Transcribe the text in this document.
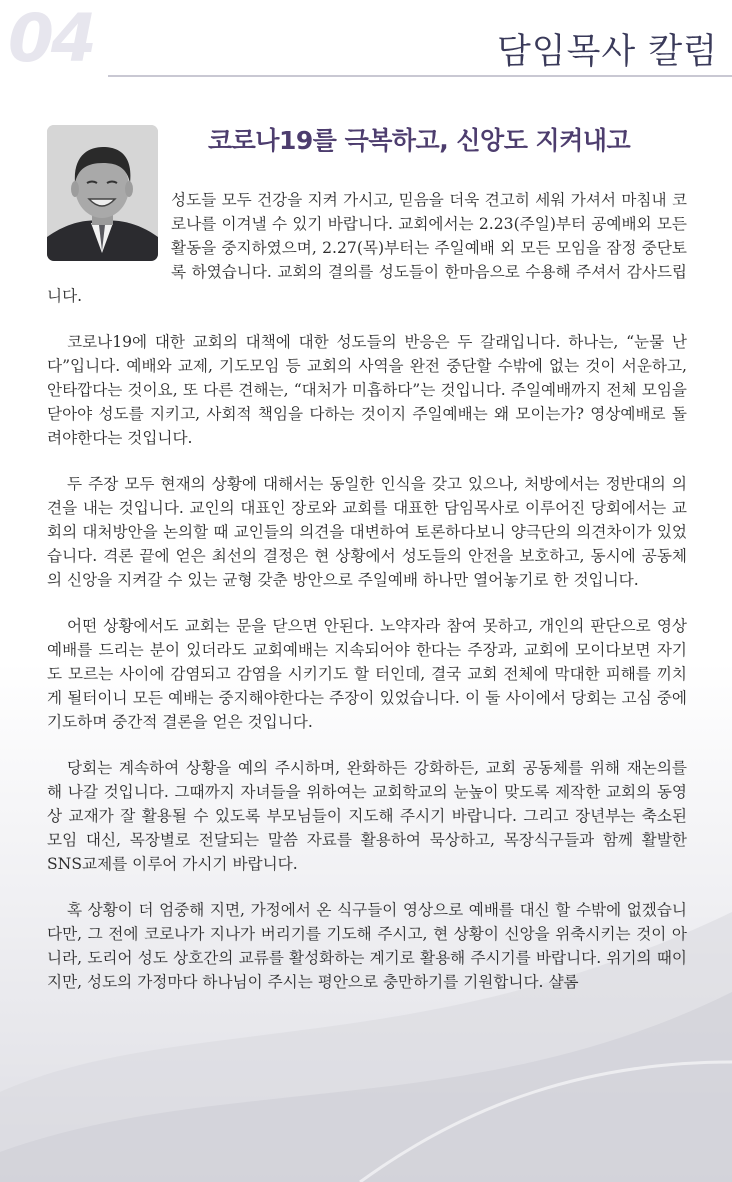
04	담임목사 칼럼
코로나19를 극복하고, 신앙도 지켜내고

성도들 모두 건강을 지켜 가시고, 믿음을 더욱 견고히 세워 가셔서 마침내 코로나를 이겨낼 수 있기 바랍니다. 교회에서는 2.23(주일)부터 공예배외 모든 활동을 중지하였으며, 2.27(목)부터는 주일예배 외 모든 모임을 잠정 중단토록 하였습니다. 교회의 결의를 성도들이 한마음으로 수용해 주셔서 감사드립니다.

코로나19에 대한 교회의 대책에 대한 성도들의 반응은 두 갈래입니다. 하나는, “눈물 난다”입니다. 예배와 교제, 기도모임 등 교회의 사역을 완전 중단할 수밖에 없는 것이 서운하고, 안타깝다는 것이요, 또 다른 견해는, “대처가 미흡하다”는 것입니다. 주일예배까지 전체 모임을 닫아야 성도를 지키고, 사회적 책임을 다하는 것이지 주일예배는 왜 모이는가? 영상예배로 돌려야한다는 것입니다.

두 주장 모두 현재의 상황에 대해서는 동일한 인식을 갖고 있으나, 처방에서는 정반대의 의견을 내는 것입니다. 교인의 대표인 장로와 교회를 대표한 담임목사로 이루어진 당회에서는 교회의 대처방안을 논의할 때 교인들의 의견을 대변하여 토론하다보니 양극단의 의견차이가 있었습니다. 격론 끝에 얻은 최선의 결정은 현 상황에서 성도들의 안전을 보호하고, 동시에 공동체의 신앙을 지켜갈 수 있는 균형 갖춘 방안으로 주일예배 하나만 열어놓기로 한 것입니다.

어떤 상황에서도 교회는 문을 닫으면 안된다. 노약자라 참여 못하고, 개인의 판단으로 영상 예배를 드리는 분이 있더라도 교회예배는 지속되어야 한다는 주장과, 교회에 모이다보면 자기도 모르는 사이에 감염되고 감염을 시키기도 할 터인데, 결국 교회 전체에 막대한 피해를 끼치게 될터이니 모든 예배는 중지해야한다는 주장이 있었습니다. 이 둘 사이에서 당회는 고심 중에 기도하며 중간적 결론을 얻은 것입니다.

당회는 계속하여 상황을 예의 주시하며, 완화하든 강화하든, 교회 공동체를 위해 재논의를 해 나갈 것입니다. 그때까지 자녀들을 위하여는 교회학교의 눈높이 맞도록 제작한 교회의 동영상 교재가 잘 활용될 수 있도록 부모님들이 지도해 주시기 바랍니다. 그리고 장년부는 축소된 모임 대신, 목장별로 전달되는 말씀 자료를 활용하여 묵상하고, 목장식구들과 함께 활발한 SNS교제를 이루어 가시기 바랍니다.

혹 상황이 더 엄중해 지면, 가정에서 온 식구들이 영상으로 예배를 대신 할 수밖에 없겠습니다만, 그 전에 코로나가 지나가 버리기를 기도해 주시고, 현 상황이 신앙을 위축시키는 것이 아니라, 도리어 성도 상호간의 교류를 활성화하는 계기로 활용해 주시기를 바랍니다. 위기의 때이지만, 성도의 가정마다 하나님이 주시는 평안으로 충만하기를 기원합니다. 샬롬
